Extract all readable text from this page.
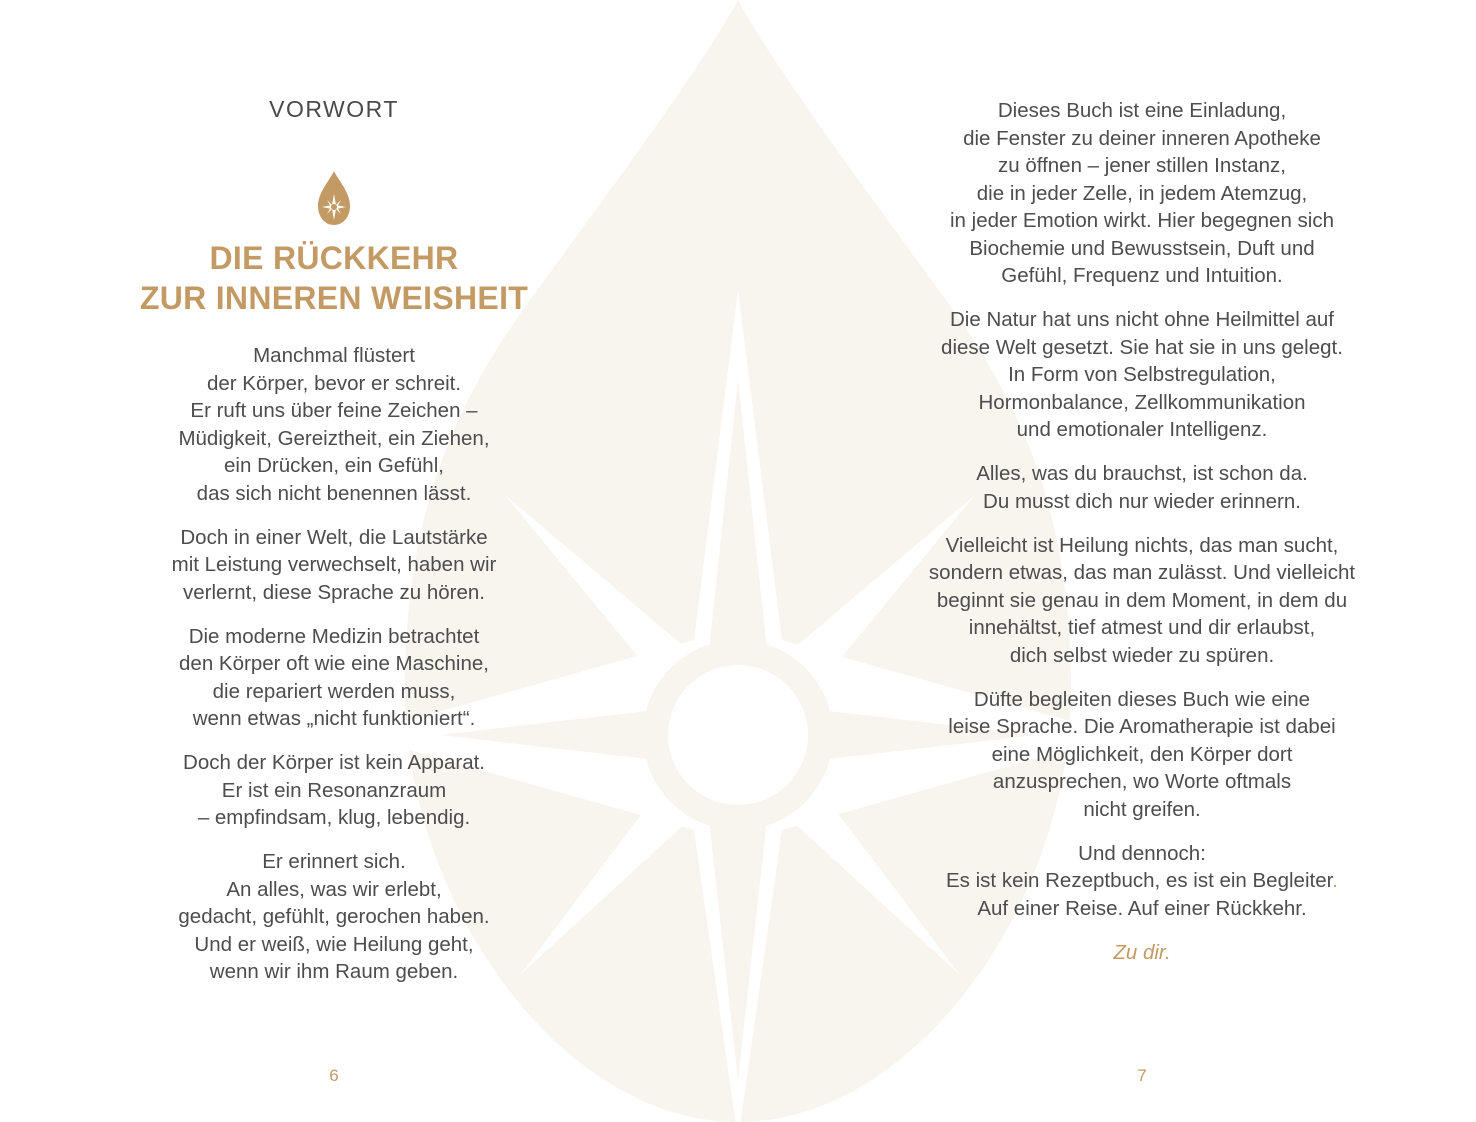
VORWORT
DIE RÜCKKEHR
ZUR INNEREN WEISHEIT

Manchmal flüstert
der Körper, bevor er schreit.
Er ruft uns über feine Zeichen –
Müdigkeit, Gereiztheit, ein Ziehen,
ein Drücken, ein Gefühl,
das sich nicht benennen lässt.

Doch in einer Welt, die Lautstärke
mit Leistung verwechselt, haben wir
verlernt, diese Sprache zu hören.

Die moderne Medizin betrachtet
den Körper oft wie eine Maschine,
die repariert werden muss,
wenn etwas „nicht funktioniert“.

Doch der Körper ist kein Apparat.
Er ist ein Resonanzraum
– empfindsam, klug, lebendig.

Er erinnert sich.
An alles, was wir erlebt,
gedacht, gefühlt, gerochen haben.
Und er weiß, wie Heilung geht,
wenn wir ihm Raum geben.

6

Dieses Buch ist eine Einladung,
die Fenster zu deiner inneren Apotheke
zu öffnen – jener stillen Instanz,
die in jeder Zelle, in jedem Atemzug,
in jeder Emotion wirkt. Hier begegnen sich
Biochemie und Bewusstsein, Duft und
Gefühl, Frequenz und Intuition.

Die Natur hat uns nicht ohne Heilmittel auf
diese Welt gesetzt. Sie hat sie in uns gelegt.
In Form von Selbstregulation,
Hormonbalance, Zellkommunikation
und emotionaler Intelligenz.

Alles, was du brauchst, ist schon da.
Du musst dich nur wieder erinnern.

Vielleicht ist Heilung nichts, das man sucht,
sondern etwas, das man zulässt. Und vielleicht
beginnt sie genau in dem Moment, in dem du
innehältst, tief atmest und dir erlaubst,
dich selbst wieder zu spüren.

Düfte begleiten dieses Buch wie eine
leise Sprache. Die Aromatherapie ist dabei
eine Möglichkeit, den Körper dort
anzusprechen, wo Worte oftmals
nicht greifen.

Und dennoch:
Es ist kein Rezeptbuch, es ist ein Begleiter.
Auf einer Reise. Auf einer Rückkehr.

Zu dir.

7
